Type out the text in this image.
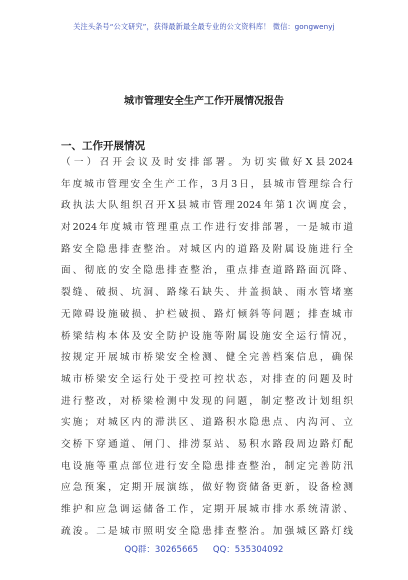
关注头条号“公文研究”，获得最新最全最专业的公文资料库！ 微信：gongwenyj
城市管理安全生产工作开展情况报告
一、工作开展情况
（一）召开会议及时安排部署。为切实做好X县2024
年度城市管理安全生产工作，3月3日，县城市管理综合行
政执法大队组织召开X县城市管理2024年第1次调度会，
对2024年度城市管理重点工作进行安排部署，一是城市道
路安全隐患排查整治。对城区内的道路及附属设施进行全
面、彻底的安全隐患排查整治，重点排查道路路面沉降、
裂缝、破损、坑洞、路缘石缺失、井盖损缺、雨水管堵塞
无障碍设施破损、护栏破损、路灯倾斜等问题；排查城市
桥梁结构本体及安全防护设施等附属设施安全运行情况，
按规定开展城市桥梁安全检测、健全完善档案信息，确保
城市桥梁安全运行处于受控可控状态，对排查的问题及时
进行整改，对桥梁检测中发现的问题，制定整改计划组织
实施；对城区内的滞洪区、道路积水隐患点、内沟河、立
交桥下穿通道、闸门、排涝泵站、易积水路段周边路灯配
电设施等重点部位进行安全隐患排查整治，制定完善防汛
应急预案，定期开展演练，做好物资储备更新，设备检测
维护和应急调运储备工作，定期开展城市排水系统清淤、
疏浚。二是城市照明安全隐患排查整治。加强城区路灯线
QQ群：30265665 QQ：535304092
